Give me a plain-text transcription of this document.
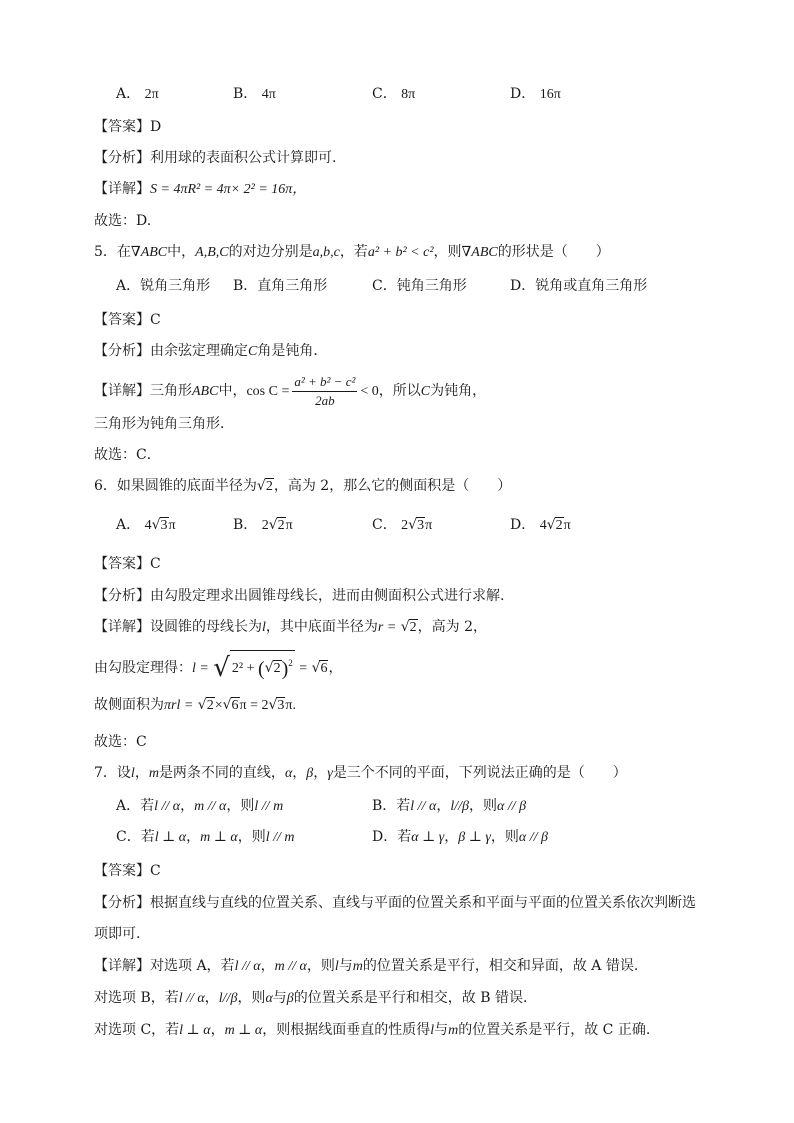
A． 2π	B． 4π	C． 8π	D． 16π
【答案】D
【分析】利用球的表面积公式计算即可.
【详解】S = 4πR² = 4π× 2² = 16π，
故选：D.
5．在∇ABC中，A,B,C的对边分别是a,b,c，若a² + b² < c²，则∇ABC的形状是（　　）
A．锐角三角形 B．直角三角形	C．钝角三角形	D．锐角或直角三角形
【答案】C
【分析】由余弦定理确定C角是钝角．
【详解】三角形ABC中，$\cos C = \frac{\text{a² + b² − c²}}{2ab} < 0$，所以C为钝角，
三角形为钝角三角形．
故选：C．
6．如果圆锥的底面半径为√2，高为 2，那么它的侧面积是（　　）
A． 4√3π	B． 2√2π	C． 2√3π	D． 4√2π
【答案】C
【分析】由勾股定理求出圆锥母线长，进而由侧面积公式进行求解.
【详解】设圆锥的母线长为l，其中底面半径为r = √2，高为 2，
由勾股定理得：l = √ $2^2 + (√2)^2 = √6$，
故侧面积为πrl = √2×√6π = 2√3π.
故选：C
7．设l，m是两条不同的直线，α，β，γ是三个不同的平面，下列说法正确的是（　　）
A．若l // α，m // α，则l // m	B．若l // α，l//β，则α // β
C．若l ⊥ α，m ⊥ α，则l // m	D．若α ⊥ γ，β ⊥ γ，则α // β
【答案】C
【分析】根据直线与直线的位置关系、直线与平面的位置关系和平面与平面的位置关系依次判断选
项即可.
【详解】对选项 A，若l // α，m // α，则l与m的位置关系是平行，相交和异面，故 A 错误.
对选项 B，若l // α，l//β，则α与β的位置关系是平行和相交，故 B 错误.
对选项 C，若l ⊥ α，m ⊥ α，则根据线面垂直的性质得l与m的位置关系是平行，故 C 正确.
